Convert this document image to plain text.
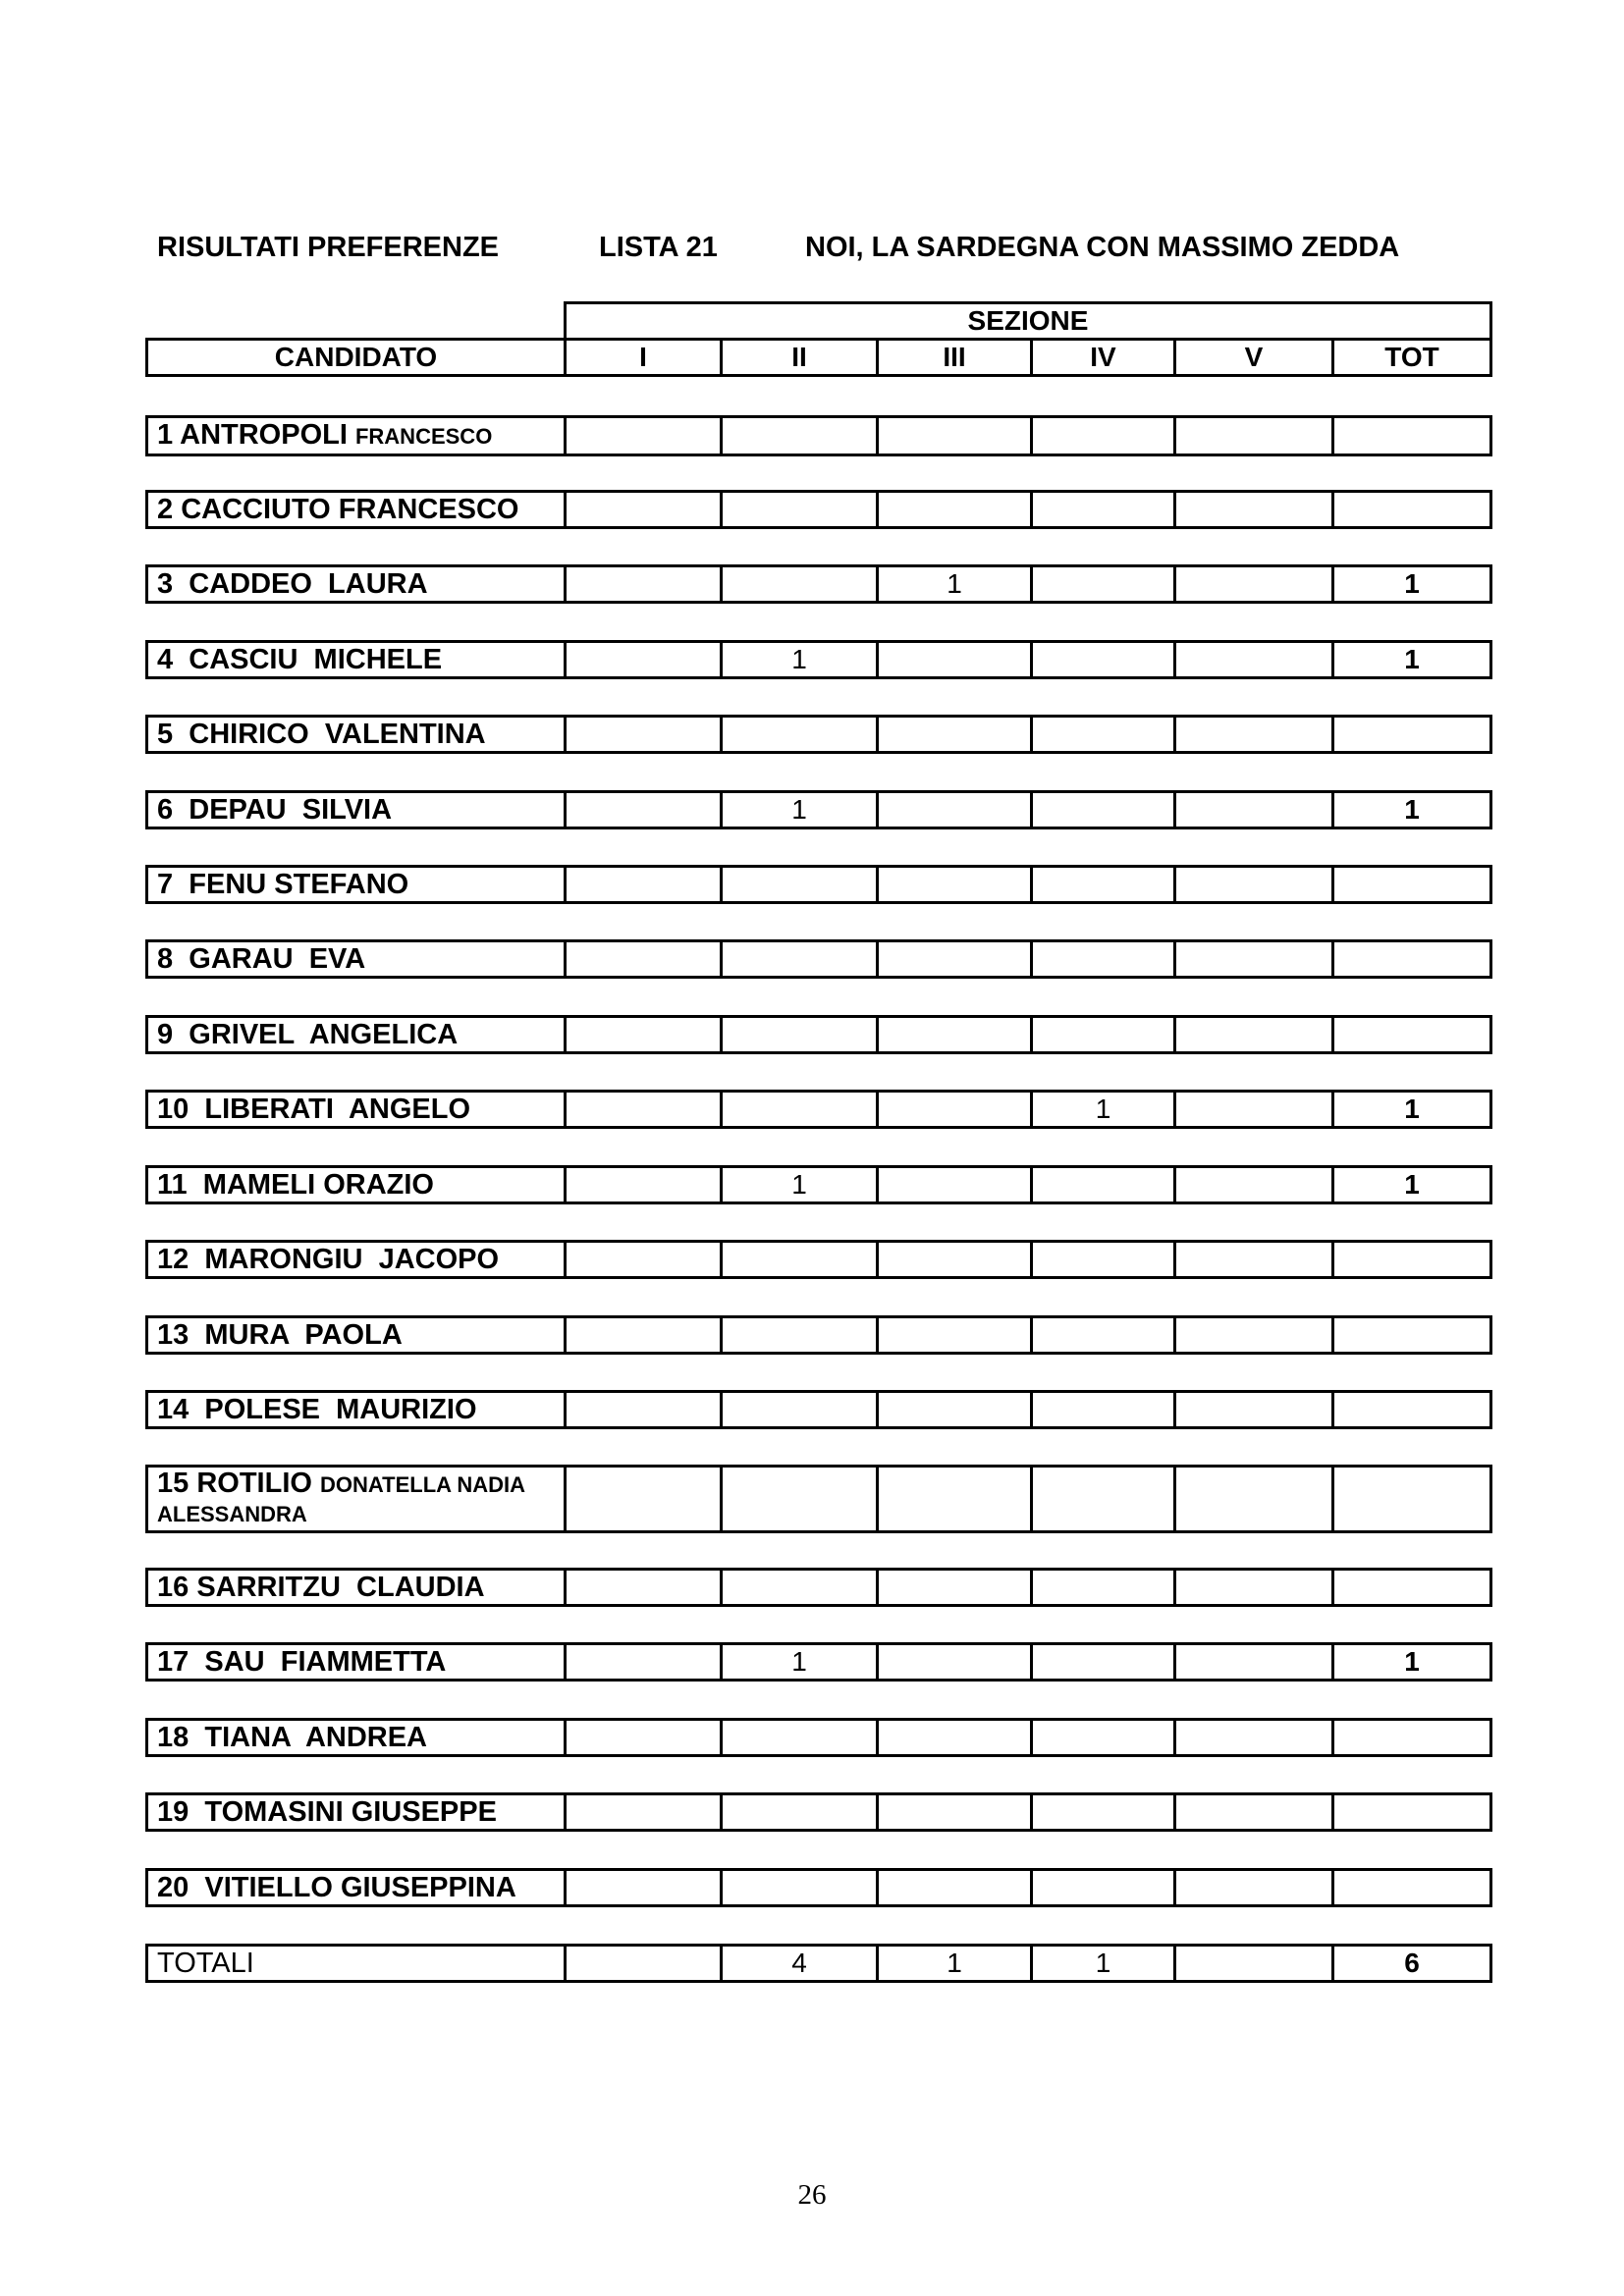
RISULTATI PREFERENZE	LISTA 21	NOI, LA SARDEGNA CON MASSIMO ZEDDA
	SEZIONE					
CANDIDATO	I	II	III	IV	V	TOT
1 ANTROPOLI FRANCESCO						
2 CACCIUTO FRANCESCO						
3  CADDEO  LAURA			1			1
4  CASCIU  MICHELE		1				1
5  CHIRICO  VALENTINA						
6  DEPAU  SILVIA		1				1
7  FENU STEFANO						
8  GARAU  EVA						
9  GRIVEL  ANGELICA						
10  LIBERATI  ANGELO				1		1
11  MAMELI ORAZIO		1				1
12  MARONGIU  JACOPO						
13  MURA  PAOLA						
14  POLESE  MAURIZIO						
15 ROTILIO DONATELLA NADIA ALESSANDRA						
16 SARRITZU  CLAUDIA						
17  SAU  FIAMMETTA		1				1
18  TIANA  ANDREA						
19  TOMASINI GIUSEPPE						
20  VITIELLO GIUSEPPINA						
TOTALI		4	1	1		6
26
